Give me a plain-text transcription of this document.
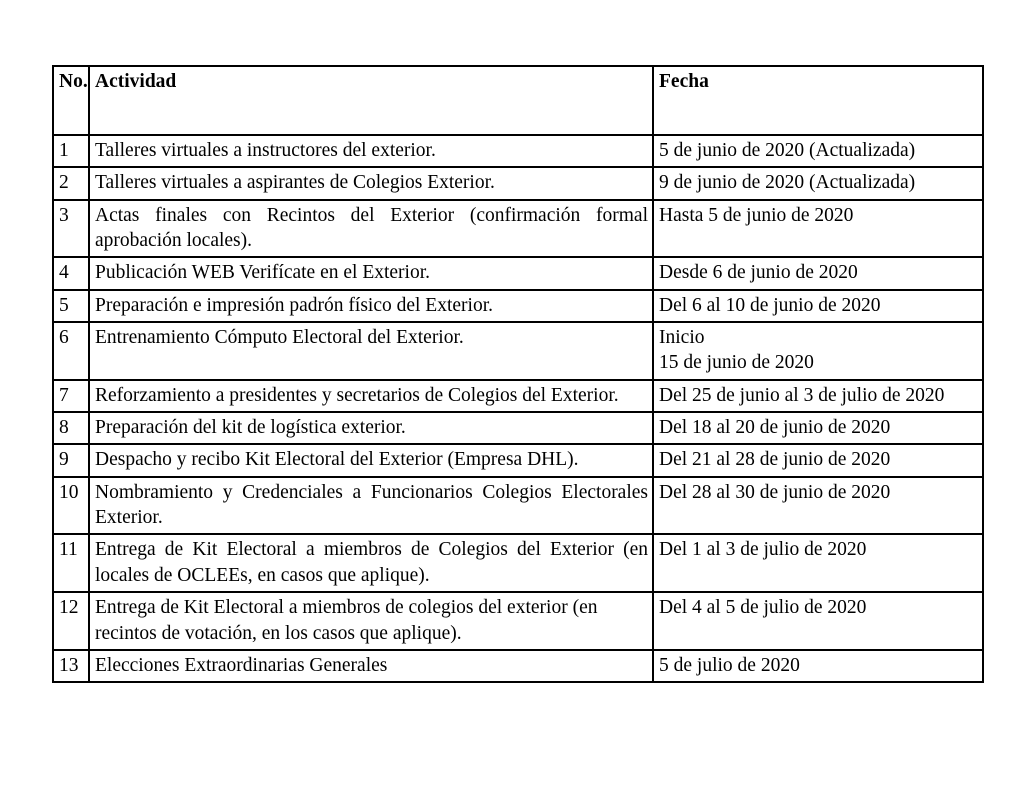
No.	Actividad	Fecha
1	Talleres virtuales a instructores del exterior.	5 de junio de 2020 (Actualizada)
2	Talleres virtuales a aspirantes de Colegios Exterior.	9 de junio de 2020 (Actualizada)
3	Actas finales con Recintos del Exterior (confirmación formal aprobación locales).	Hasta 5 de junio de 2020
4	Publicación WEB Verifícate en el Exterior.	Desde 6 de junio de 2020
5	Preparación e impresión padrón físico del Exterior.	Del 6 al 10 de junio de 2020
6	Entrenamiento Cómputo Electoral del Exterior.	Inicio
15 de junio de 2020

7	Reforzamiento a presidentes y secretarios de Colegios del Exterior.	Del 25 de junio al 3 de julio de 2020
8	Preparación del kit de logística exterior.	Del 18 al 20 de junio de 2020
9	Despacho y recibo Kit Electoral del Exterior (Empresa DHL).	Del 21 al 28 de junio de 2020
10	Nombramiento y Credenciales a Funcionarios Colegios Electorales Exterior.	Del 28 al 30 de junio de 2020
11	Entrega de Kit Electoral a miembros de Colegios del Exterior (en locales de OCLEEs, en casos que aplique).	Del 1 al 3 de julio de 2020
12	Entrega de Kit Electoral a miembros de colegios del exterior (en recintos de votación, en los casos que aplique).	Del 4 al 5 de julio de 2020
13	Elecciones Extraordinarias Generales	5 de julio de 2020
